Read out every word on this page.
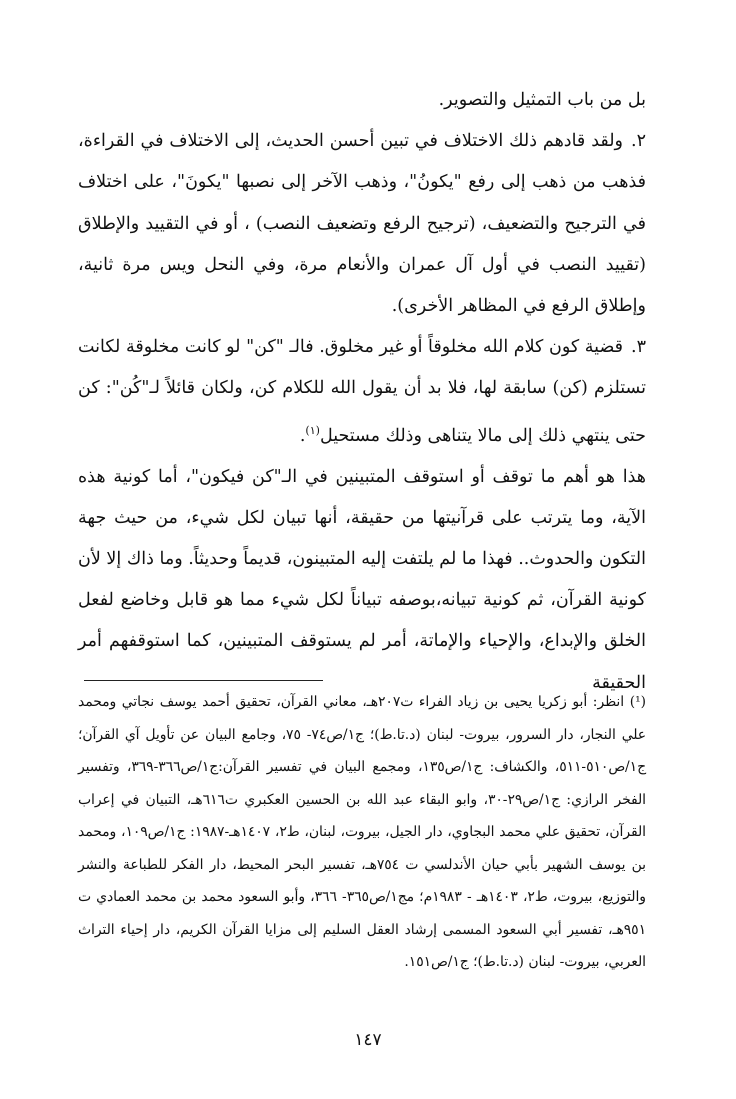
بل من باب التمثيل والتصوير.

٢.ولقد قادهم ذلك الاختلاف في تبين أحسن الحديث، إلى الاختلاف في القراءة، فذهب من ذهب إلى رفع "يكونُ"، وذهب الآخر إلى نصبها "يكونَ"، على اختلاف في الترجيح والتضعيف، (ترجيح الرفع وتضعيف النصب) ، أو في التقييد والإطلاق (تقييد النصب في أول آل عمران والأنعام مرة، وفي النحل ويس مرة ثانية، وإطلاق الرفع في المظاهر الأخرى).

٣.قضية كون كلام الله مخلوقاً أو غير مخلوق. فالـ "كن" لو كانت مخلوقة لكانت تستلزم (كن) سابقة لها، فلا بد أن يقول الله للكلام كن، ولكان قائلاً لـ"كُن": كن حتى ينتهي ذلك إلى مالا يتناهى وذلك مستحيل$^{(١)}$.

هذا هو أهم ما توقف أو استوقف المتبينين في الـ"كن فيكون"، أما كونية هذه الآية، وما يترتب على قرآنيتها من حقيقة، أنها تبيان لكل شيء، من حيث جهة التكون والحدوث.. فهذا ما لم يلتفت إليه المتبينون، قديماً وحديثاً. وما ذاك إلا لأن كونية القرآن، ثم كونية تبيانه،بوصفه تبياناً لكل شيء مما هو قابل وخاضع لفعل الخلق والإبداع، والإحياء والإماتة، أمر لم يستوقف المتبينين، كما استوقفهم أمر الحقيقة

(¹) انظر: أبو زكريا يحيى بن زياد الفراء ت٢٠٧هـ، معاني القرآن، تحقيق أحمد يوسف نجاتي ومحمد علي النجار، دار السرور، بيروت- لبنان (د.تا.ط)؛ ج١/ص٧٤- ٧٥، وجامع البيان عن تأويل آي القرآن؛ ج١/ص٥١٠-٥١١، والكشاف: ج١/ص١٣٥، ومجمع البيان في تفسير القرآن:ج١/ص٣٦٦-٣٦٩، وتفسير الفخر الرازي: ج١/ص٢٩-٣٠، وابو البقاء عبد الله بن الحسين العكبري ت٦١٦هـ، التبيان في إعراب القرآن، تحقيق علي محمد البجاوي، دار الجيل، بيروت، لبنان، ط٢، ١٤٠٧هـ-١٩٨٧: ج١/ص١٠٩، ومحمد بن يوسف الشهير بأبي حيان الأندلسي ت ٧٥٤هـ، تفسير البحر المحيط، دار الفكر للطباعة والنشر والتوزيع، بيروت، ط٢، ١٤٠٣هـ - ١٩٨٣م؛ مج١/ص٣٦٥- ٣٦٦، وأبو السعود محمد بن محمد العمادي ت ٩٥١هـ، تفسير أبي السعود المسمى إرشاد العقل السليم إلى مزايا القرآن الكريم، دار إحياء التراث العربي، بيروت- لبنان (د.تا.ط)؛ ج١/ص١٥١.

١٤٧
